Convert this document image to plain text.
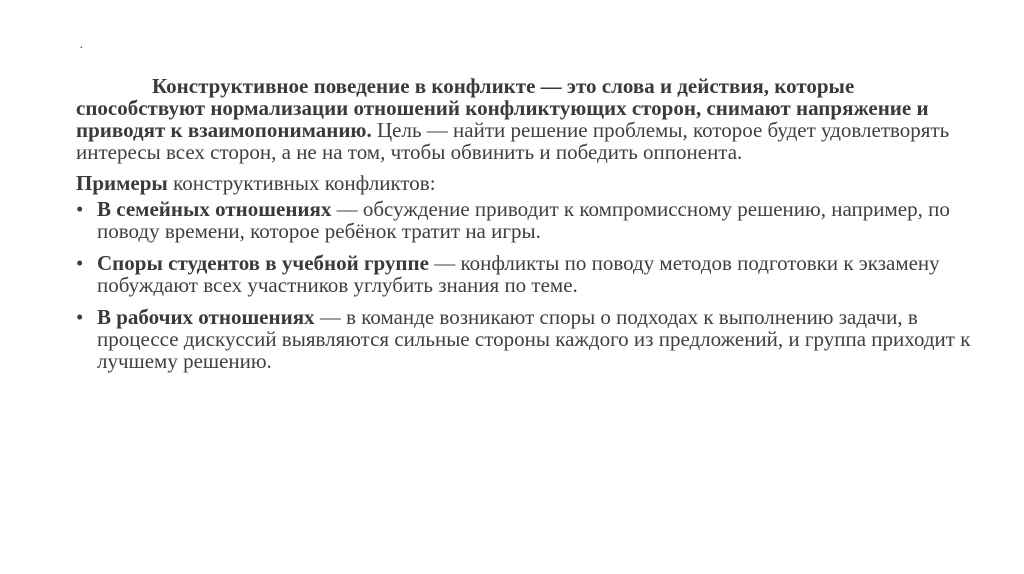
·

Конструктивное поведение в конфликте — это слова и действия, которые способствуют нормализации отношений конфликтующих сторон, снимают напряжение и приводят к взаимопониманию. Цель — найти решение проблемы, которое будет удовлетворять интересы всех сторон, а не на том, чтобы обвинить и победить оппонента.

Примеры конструктивных конфликтов:

• В семейных отношениях — обсуждение приводит к компромиссному решению, например, по поводу времени, которое ребёнок тратит на игры.
• Споры студентов в учебной группе — конфликты по поводу методов подготовки к экзамену побуждают всех участников углубить знания по теме.
• В рабочих отношениях — в команде возникают споры о подходах к выполнению задачи, в процессе дискуссий выявляются сильные стороны каждого из предложений, и группа приходит к лучшему решению.
